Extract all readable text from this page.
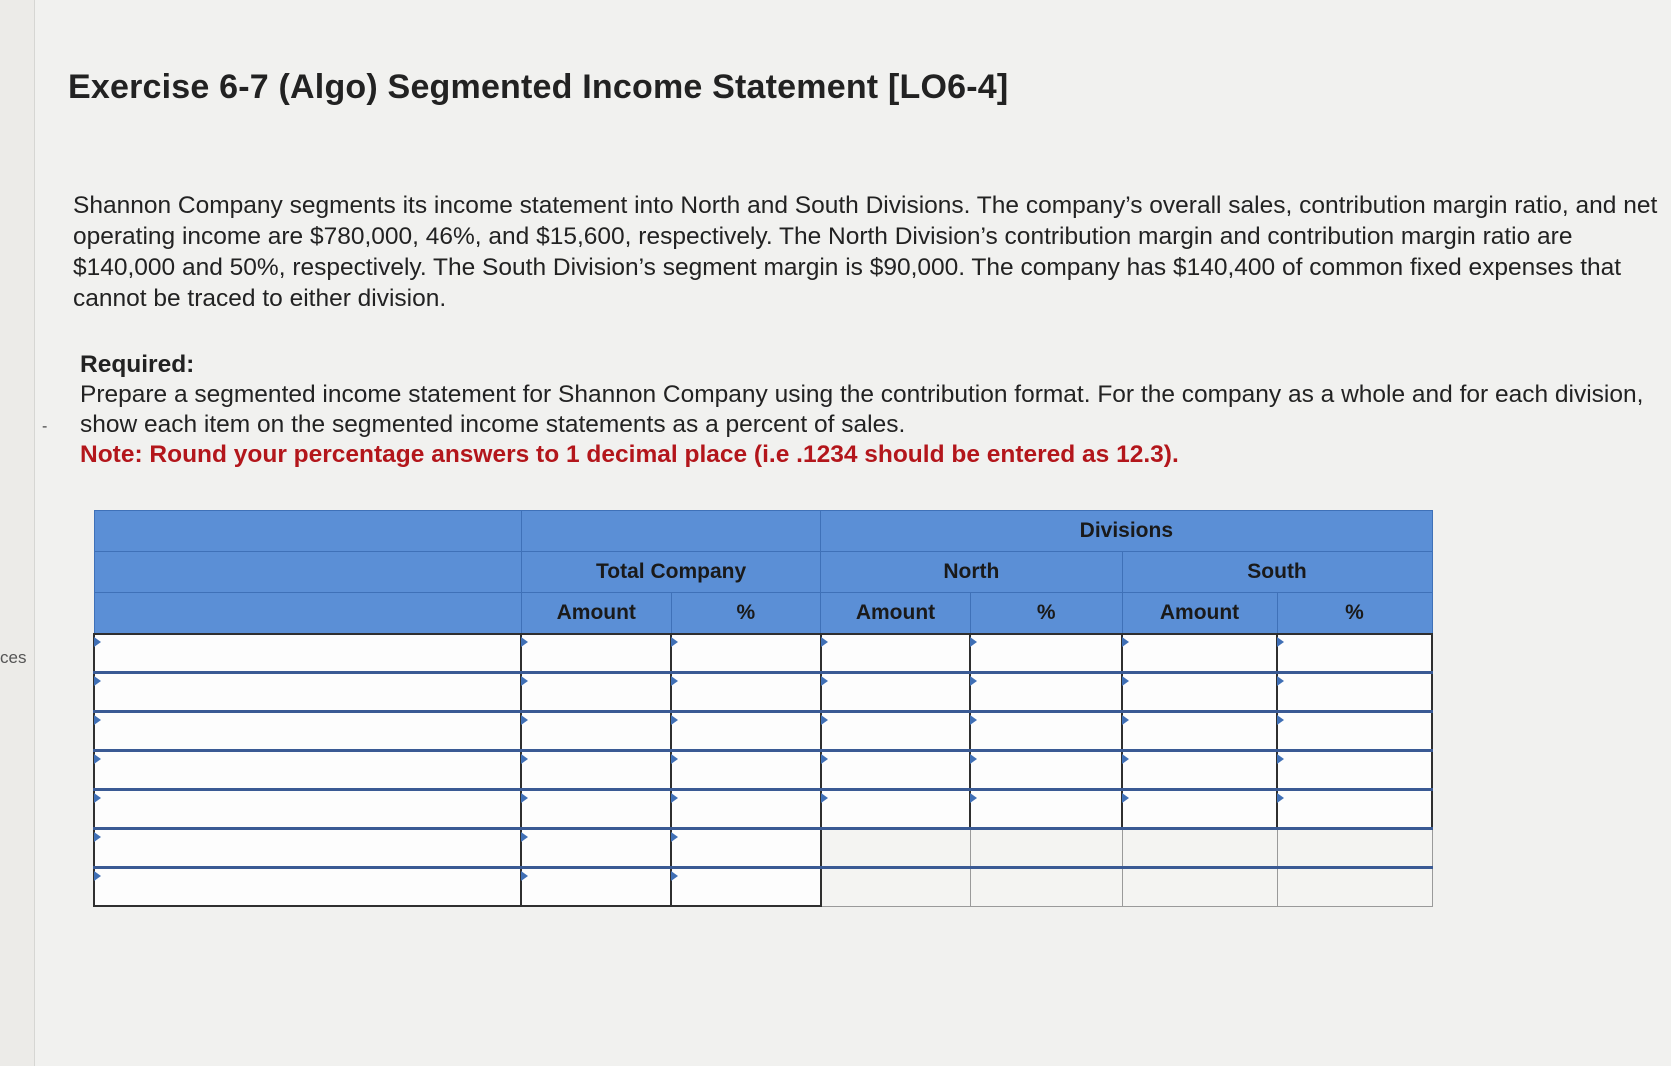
ces
-
Exercise 6-7 (Algo) Segmented Income Statement [LO6-4]
Shannon Company segments its income statement into North and South Divisions. The company’s overall sales, contribution margin ratio, and net operating income are $780,000, 46%, and $15,600, respectively. The North Division’s contribution margin and contribution margin ratio are $140,000 and 50%, respectively. The South Division’s segment margin is $90,000. The company has $140,400 of common fixed expenses that cannot be traced to either division.
Required:
Prepare a segmented income statement for Shannon Company using the contribution format. For the company as a whole and for each division, show each item on the segmented income statements as a percent of sales.
Note: Round your percentage answers to 1 decimal place (i.e .1234 should be entered as 12.3).
			Divisions			
	Total Company		North		South	
	Amount	%	Amount	%	Amount	%
